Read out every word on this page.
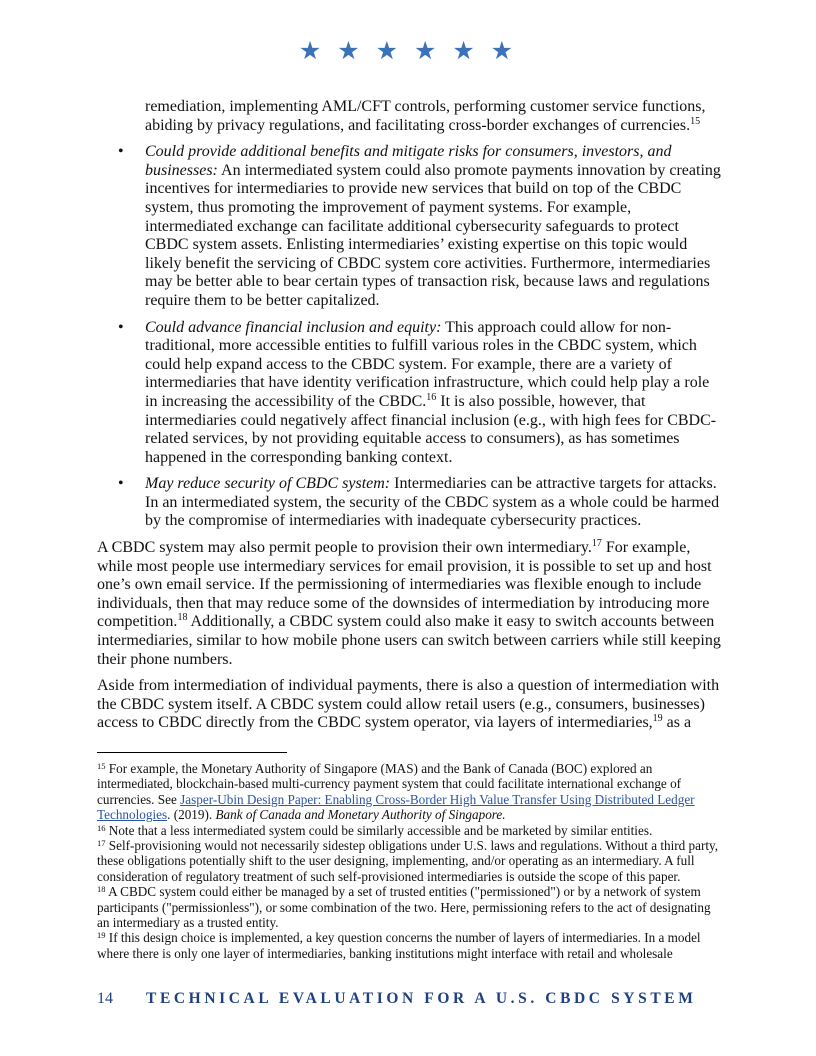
★ ★ ★ ★ ★ ★

remediation, implementing AML/CFT controls, performing customer service functions, abiding by privacy regulations, and facilitating cross-border exchanges of currencies.$^{15}$

• Could provide additional benefits and mitigate risks for consumers, investors, and businesses: An intermediated system could also promote payments innovation by creating incentives for intermediaries to provide new services that build on top of the CBDC system, thus promoting the improvement of payment systems. For example, intermediated exchange can facilitate additional cybersecurity safeguards to protect CBDC system assets. Enlisting intermediaries’ existing expertise on this topic would likely benefit the servicing of CBDC system core activities. Furthermore, intermediaries may be better able to bear certain types of transaction risk, because laws and regulations require them to be better capitalized.
• Could advance financial inclusion and equity: This approach could allow for non-traditional, more accessible entities to fulfill various roles in the CBDC system, which could help expand access to the CBDC system. For example, there are a variety of intermediaries that have identity verification infrastructure, which could help play a role in increasing the accessibility of the CBDC.$^{16}$ It is also possible, however, that intermediaries could negatively affect financial inclusion (e.g., with high fees for CBDC-related services, by not providing equitable access to consumers), as has sometimes happened in the corresponding banking context.
• May reduce security of CBDC system: Intermediaries can be attractive targets for attacks. In an intermediated system, the security of the CBDC system as a whole could be harmed by the compromise of intermediaries with inadequate cybersecurity practices.

A CBDC system may also permit people to provision their own intermediary.$^{17}$ For example, while most people use intermediary services for email provision, it is possible to set up and host one’s own email service. If the permissioning of intermediaries was flexible enough to include individuals, then that may reduce some of the downsides of intermediation by introducing more competition.$^{18}$ Additionally, a CBDC system could also make it easy to switch accounts between intermediaries, similar to how mobile phone users can switch between carriers while still keeping their phone numbers.

Aside from intermediation of individual payments, there is also a question of intermediation with the CBDC system itself. A CBDC system could allow retail users (e.g., consumers, businesses) access to CBDC directly from the CBDC system operator, via layers of intermediaries,$^{19}$ as a

$^{15}$ For example, the Monetary Authority of Singapore (MAS) and the Bank of Canada (BOC) explored an intermediated, blockchain-based multi-currency payment system that could facilitate international exchange of currencies. See Jasper-Ubin Design Paper: Enabling Cross-Border High Value Transfer Using Distributed Ledger Technologies. (2019). Bank of Canada and Monetary Authority of Singapore.

$^{16}$ Note that a less intermediated system could be similarly accessible and be marketed by similar entities.

$^{17}$ Self-provisioning would not necessarily sidestep obligations under U.S. laws and regulations. Without a third party, these obligations potentially shift to the user designing, implementing, and/or operating as an intermediary. A full consideration of regulatory treatment of such self-provisioned intermediaries is outside the scope of this paper.

$^{18}$ A CBDC system could either be managed by a set of trusted entities ("permissioned") or by a network of system participants ("permissionless"), or some combination of the two. Here, permissioning refers to the act of designating an intermediary as a trusted entity.

$^{19}$ If this design choice is implemented, a key question concerns the number of layers of intermediaries. In a model where there is only one layer of intermediaries, banking institutions might interface with retail and wholesale

14 TECHNICAL EVALUATION FOR A U.S. CBDC SYSTEM
